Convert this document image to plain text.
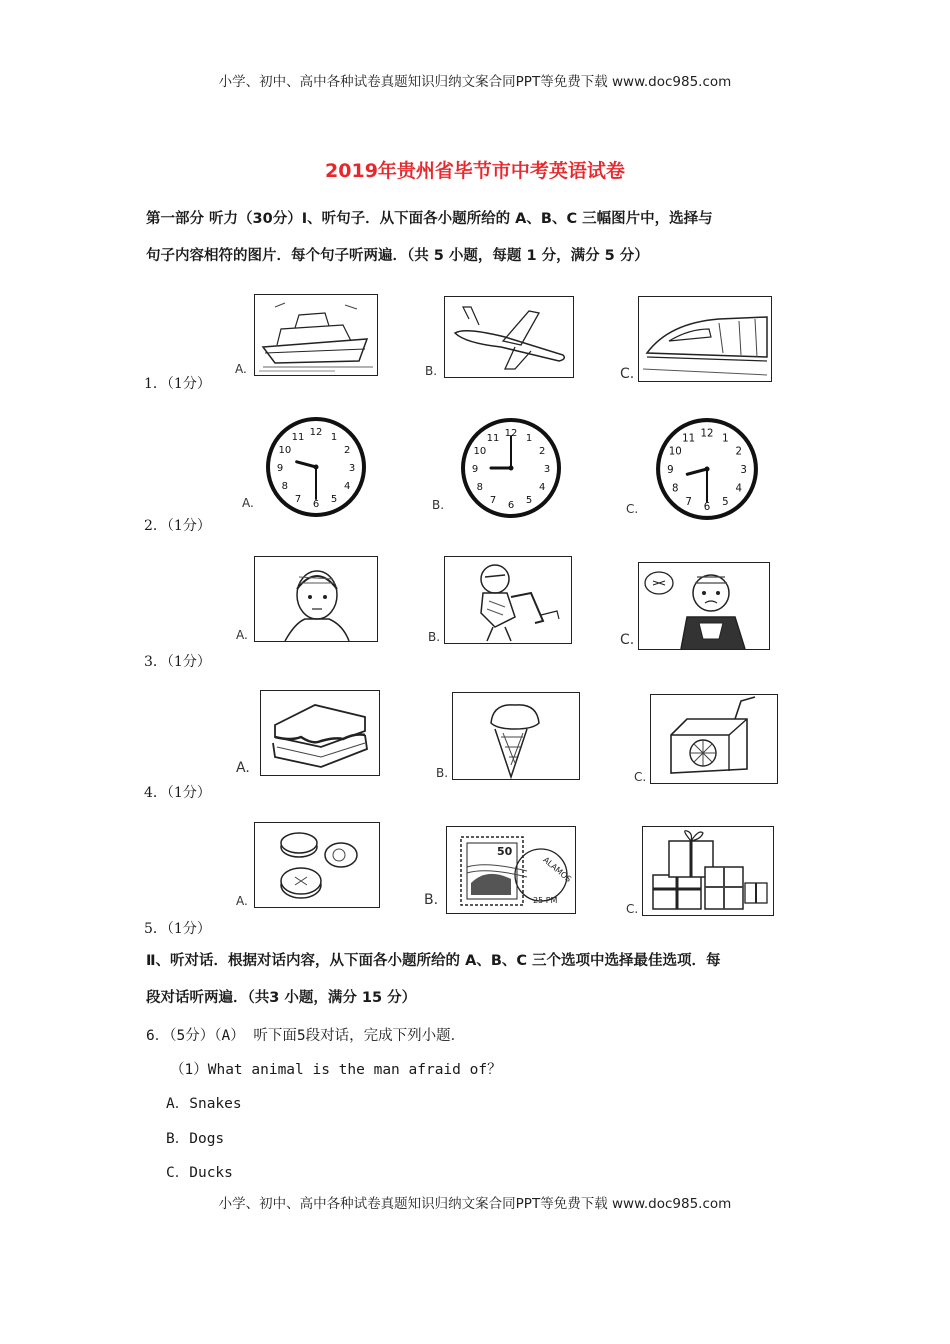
小学、初中、高中各种试卷真题知识归纳文案合同PPT等免费下载 www.doc985.com
2019年贵州省毕节市中考英语试卷
第一部分 听力（30分）Ⅰ、听句子．从下面各小题所给的 A、B、C 三幅图片中，选择与
句子内容相符的图片．每个句子听两遍．（共 5 小题，每题 1 分，满分 5 分）
1．（1分）
A.	B.	C.
2．（1分）
12 1
2
3
4
5
6
7
8
9
10
11
A.
12 1
2
3
4
5
6
7
8
9
10
11
B.
12 1
2
3
4
5
6
7
8
9
10
11
C.
3．（1分）
A.	B.	C.
4．（1分）
A.	B.	C.
5．（1分）
A.
50
ALAMOS
25 PM
B.
C.
Ⅱ、听对话．根据对话内容，从下面各小题所给的 A、B、C 三个选项中选择最佳选项．每
段对话听两遍．（共3 小题，满分 15 分）
6．（5分）（A） 听下面5段对话，完成下列小题．
（1）What animal is the man afraid of？
A．Snakes
B．Dogs
C．Ducks
小学、初中、高中各种试卷真题知识归纳文案合同PPT等免费下载 www.doc985.com
